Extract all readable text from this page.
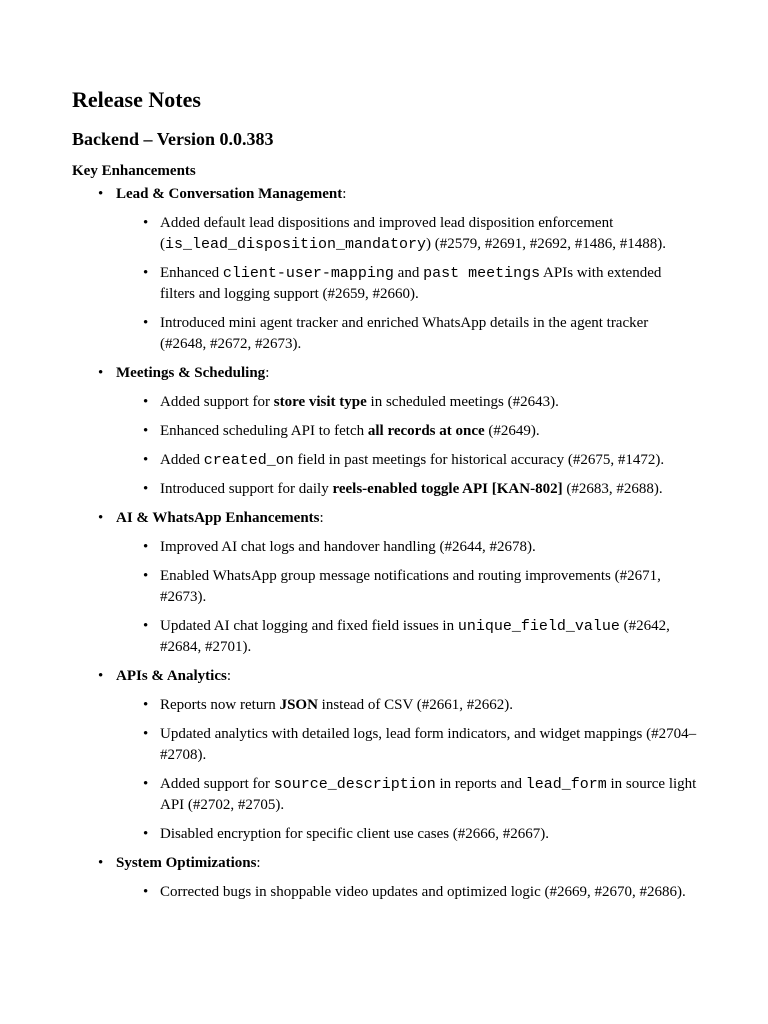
Release Notes
Backend – Version 0.0.383
Key Enhancements
• Lead & Conversation Management:
• Added default lead dispositions and improved lead disposition enforcement (is_lead_disposition_mandatory) (#2579, #2691, #2692, #1486, #1488).
• Enhanced client-user-mapping and past meetings APIs with extended filters and logging support (#2659, #2660).
• Introduced mini agent tracker and enriched WhatsApp details in the agent tracker (#2648, #2672, #2673).
• Meetings & Scheduling:
• Added support for store visit type in scheduled meetings (#2643).
• Enhanced scheduling API to fetch all records at once (#2649).
• Added created_on field in past meetings for historical accuracy (#2675, #1472).
• Introduced support for daily reels-enabled toggle API [KAN-802] (#2683, #2688).
• AI & WhatsApp Enhancements:
• Improved AI chat logs and handover handling (#2644, #2678).
• Enabled WhatsApp group message notifications and routing improvements (#2671, #2673).
• Updated AI chat logging and fixed field issues in unique_field_value (#2642, #2684, #2701).
• APIs & Analytics:
• Reports now return JSON instead of CSV (#2661, #2662).
• Updated analytics with detailed logs, lead form indicators, and widget mappings (#2704–#2708).
• Added support for source_description in reports and lead_form in source light API (#2702, #2705).
• Disabled encryption for specific client use cases (#2666, #2667).
• System Optimizations:
• Corrected bugs in shoppable video updates and optimized logic (#2669, #2670, #2686).
